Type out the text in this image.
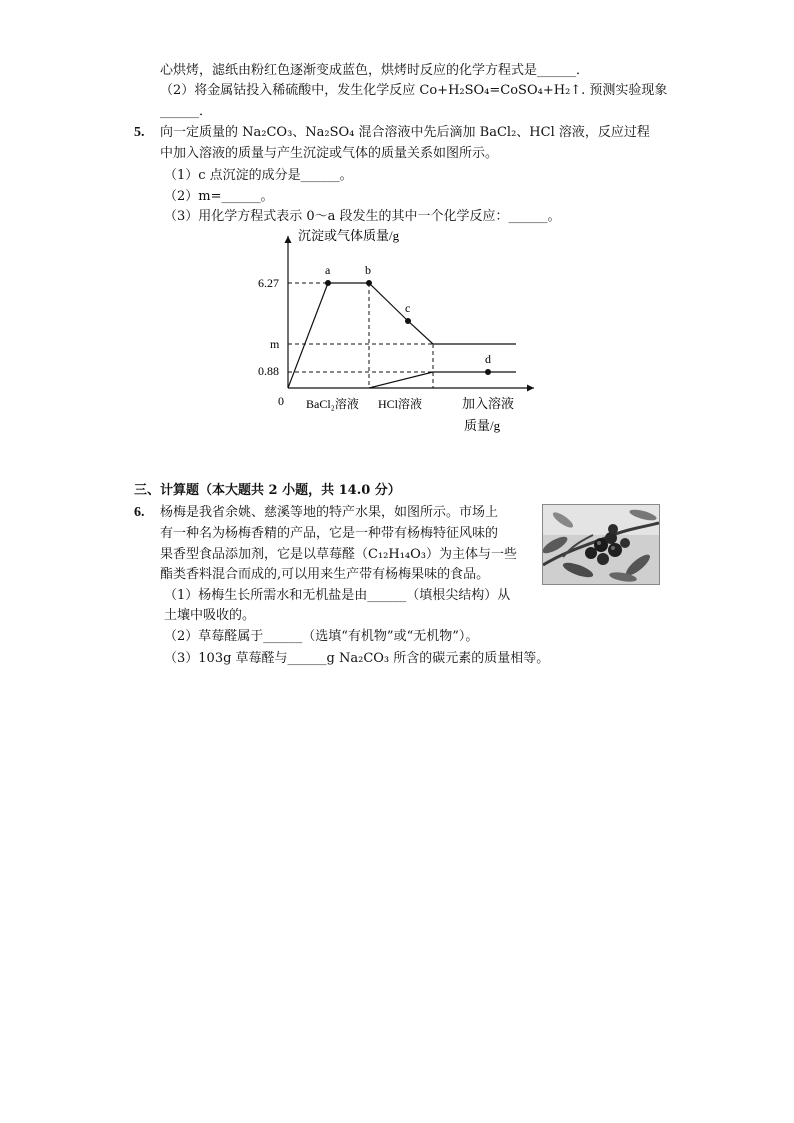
心烘烤，滤纸由粉红色逐渐变成蓝色，烘烤时反应的化学方程式是______．
（2）将金属钴投入稀硫酸中，发生化学反应 Co+H₂SO₄=CoSO₄+H₂↑. 预测实验现象
______．
5. 向一定质量的 Na₂CO₃、Na₂SO₄ 混合溶液中先后滴加 BaCl₂、HCl 溶液，反应过程
中加入溶液的质量与产生沉淀或气体的质量关系如图所示。
（1）c 点沉淀的成分是______。
（2）m=______。
（3）用化学方程式表示 0～a 段发生的其中一个化学反应：______。
沉淀或气体质量/g
0
6.27
m
0.88
a	b
c
d
BaCl₂溶液 HCl溶液	加入溶液
质量/g
三、计算题（本大题共 2 小题，共 14.0 分）
6. 杨梅是我省余姚、慈溪等地的特产水果，如图所示。市场上
有一种名为杨梅香精的产品，它是一种带有杨梅特征风味的
果香型食品添加剂，它是以草莓醛（C₁₂H₁₄O₃）为主体与一些
酯类香料混合而成的,可以用来生产带有杨梅果味的食品。
（1）杨梅生长所需水和无机盐是由______（填根尖结构）从
土壤中吸收的。
（2）草莓醛属于______（选填“有机物”或“无机物”）。
（3）103g 草莓醛与______g Na₂CO₃ 所含的碳元素的质量相等。
